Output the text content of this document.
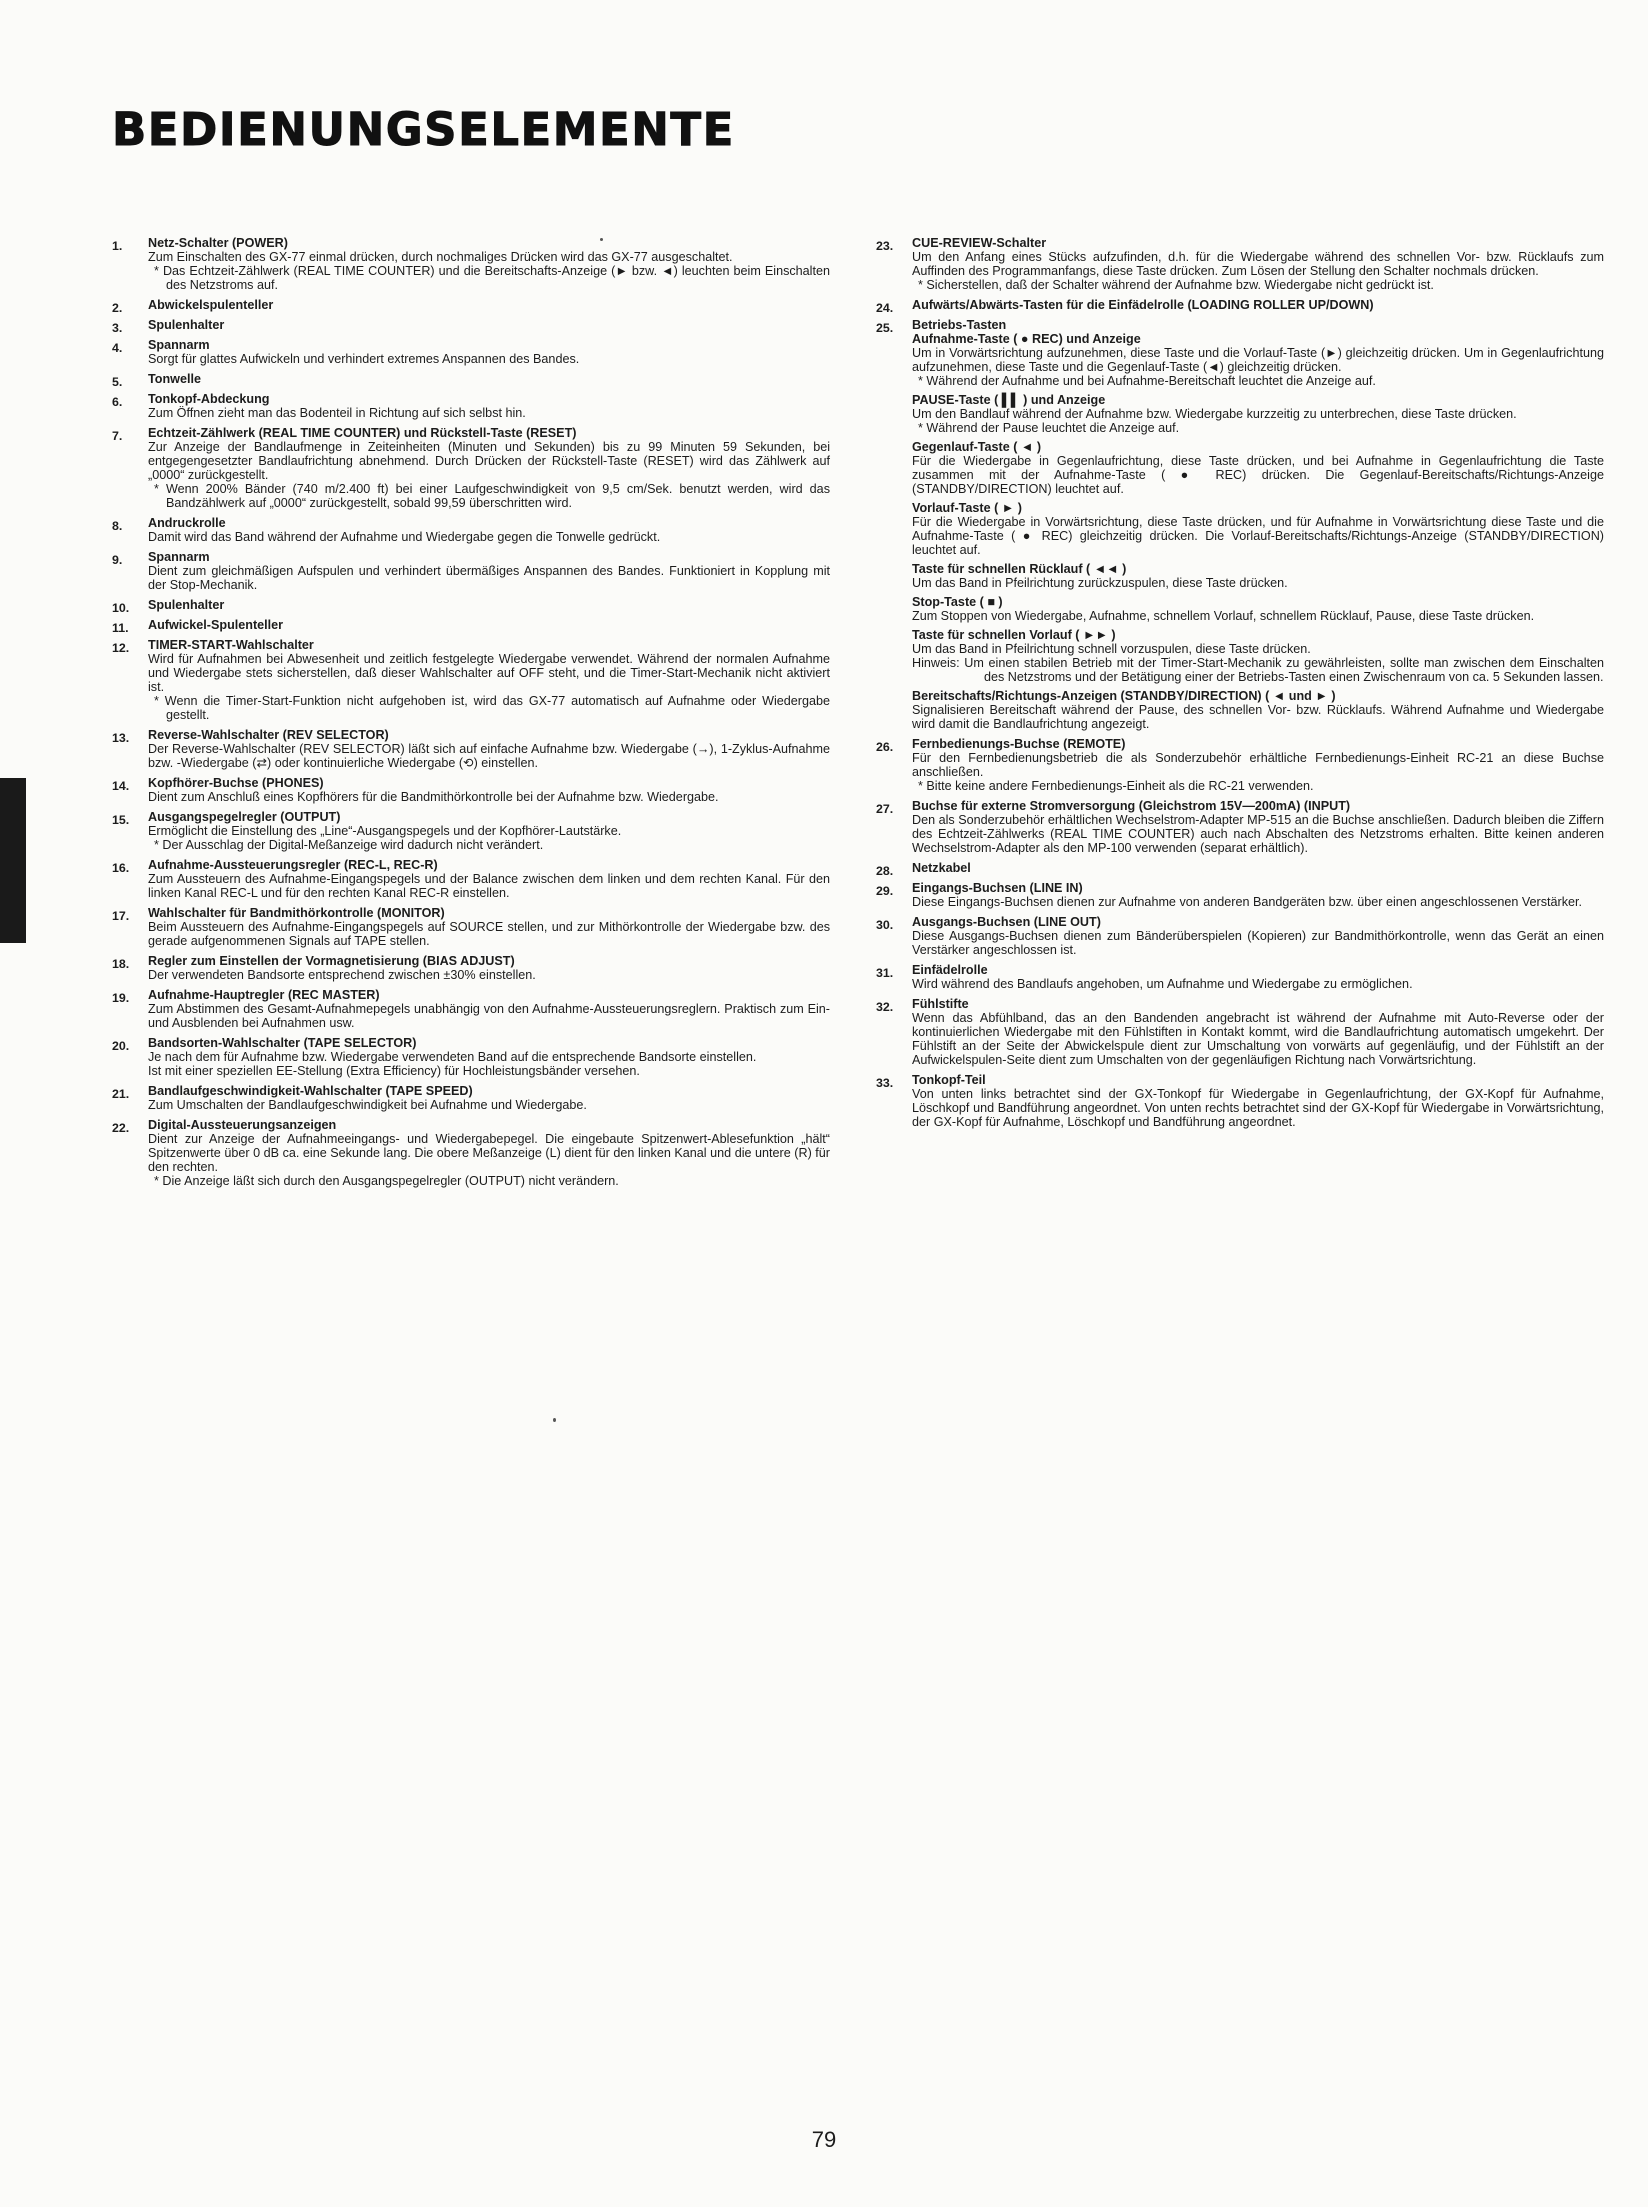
BEDIENUNGSELEMENTE
1. Netz-Schalter (POWER)
Zum Einschalten des GX-77 einmal drücken, durch nochmaliges Drücken wird das GX-77 ausgeschaltet.
* Das Echtzeit-Zählwerk (REAL TIME COUNTER) und die Bereitschafts-Anzeige (► bzw. ◄) leuchten beim Einschalten des Netzstroms auf.
2. Abwickelspulenteller
3. Spulenhalter
4. Spannarm
Sorgt für glattes Aufwickeln und verhindert extremes Anspannen des Bandes.
5. Tonwelle
6. Tonkopf-Abdeckung
Zum Öffnen zieht man das Bodenteil in Richtung auf sich selbst hin.
7. Echtzeit-Zählwerk (REAL TIME COUNTER) und Rückstell-Taste (RESET)
Zur Anzeige der Bandlaufmenge in Zeiteinheiten (Minuten und Sekunden) bis zu 99 Minuten 59 Sekunden, bei entgegengesetzter Bandlaufrichtung abnehmend. Durch Drücken der Rückstell-Taste (RESET) wird das Zählwerk auf „0000“ zurückgestellt.
* Wenn 200% Bänder (740 m/2.400 ft) bei einer Laufgeschwindigkeit von 9,5 cm/Sek. benutzt werden, wird das Bandzählwerk auf „0000“ zurückgestellt, sobald 99,59 überschritten wird.
8. Andruckrolle
Damit wird das Band während der Aufnahme und Wiedergabe gegen die Tonwelle gedrückt.
9. Spannarm
Dient zum gleichmäßigen Aufspulen und verhindert übermäßiges Anspannen des Bandes. Funktioniert in Kopplung mit der Stop-Mechanik.
10. Spulenhalter
11. Aufwickel-Spulenteller
12. TIMER-START-Wahlschalter
Wird für Aufnahmen bei Abwesenheit und zeitlich festgelegte Wiedergabe verwendet. Während der normalen Aufnahme und Wiedergabe stets sicherstellen, daß dieser Wahlschalter auf OFF steht, und die Timer-Start-Mechanik nicht aktiviert ist.
* Wenn die Timer-Start-Funktion nicht aufgehoben ist, wird das GX-77 automatisch auf Aufnahme oder Wiedergabe gestellt.
13. Reverse-Wahlschalter (REV SELECTOR)
Der Reverse-Wahlschalter (REV SELECTOR) läßt sich auf einfache Aufnahme bzw. Wiedergabe (→), 1-Zyklus-Aufnahme bzw. -Wiedergabe (⇄) oder kontinuierliche Wiedergabe (⟲) einstellen.
14. Kopfhörer-Buchse (PHONES)
Dient zum Anschluß eines Kopfhörers für die Bandmithörkontrolle bei der Aufnahme bzw. Wiedergabe.
15. Ausgangspegelregler (OUTPUT)
Ermöglicht die Einstellung des „Line“-Ausgangspegels und der Kopfhörer-Lautstärke.
* Der Ausschlag der Digital-Meßanzeige wird dadurch nicht verändert.
16. Aufnahme-Aussteuerungsregler (REC-L, REC-R)
Zum Aussteuern des Aufnahme-Eingangspegels und der Balance zwischen dem linken und dem rechten Kanal. Für den linken Kanal REC-L und für den rechten Kanal REC-R einstellen.
17. Wahlschalter für Bandmithörkontrolle (MONITOR)
Beim Aussteuern des Aufnahme-Eingangspegels auf SOURCE stellen, und zur Mithörkontrolle der Wiedergabe bzw. des gerade aufgenommenen Signals auf TAPE stellen.
18. Regler zum Einstellen der Vormagnetisierung (BIAS ADJUST)
Der verwendeten Bandsorte entsprechend zwischen ±30% einstellen.
19. Aufnahme-Hauptregler (REC MASTER)
Zum Abstimmen des Gesamt-Aufnahmepegels unabhängig von den Aufnahme-Aussteuerungsreglern. Praktisch zum Ein- und Ausblenden bei Aufnahmen usw.
20. Bandsorten-Wahlschalter (TAPE SELECTOR)
Je nach dem für Aufnahme bzw. Wiedergabe verwendeten Band auf die entsprechende Bandsorte einstellen.
Ist mit einer speziellen EE-Stellung (Extra Efficiency) für Hochleistungsbänder versehen.
21. Bandlaufgeschwindigkeit-Wahlschalter (TAPE SPEED)
Zum Umschalten der Bandlaufgeschwindigkeit bei Aufnahme und Wiedergabe.
22. Digital-Aussteuerungsanzeigen
Dient zur Anzeige der Aufnahmeeingangs- und Wiedergabepegel. Die eingebaute Spitzenwert-Ablesefunktion „hält“ Spitzenwerte über 0 dB ca. eine Sekunde lang. Die obere Meßanzeige (L) dient für den linken Kanal und die untere (R) für den rechten.
* Die Anzeige läßt sich durch den Ausgangspegelregler (OUTPUT) nicht verändern.
23. CUE-REVIEW-Schalter
Um den Anfang eines Stücks aufzufinden, d.h. für die Wiedergabe während des schnellen Vor- bzw. Rücklaufs zum Auffinden des Programmanfangs, diese Taste drücken. Zum Lösen der Stellung den Schalter nochmals drücken.
* Sicherstellen, daß der Schalter während der Aufnahme bzw. Wiedergabe nicht gedrückt ist.
24. Aufwärts/Abwärts-Tasten für die Einfädelrolle (LOADING ROLLER UP/DOWN)
25. Betriebs-Tasten
Aufnahme-Taste ( ● REC) und Anzeige
Um in Vorwärtsrichtung aufzunehmen, diese Taste und die Vorlauf-Taste (►) gleichzeitig drücken. Um in Gegenlaufrichtung aufzunehmen, diese Taste und die Gegenlauf-Taste (◄) gleichzeitig drücken.
* Während der Aufnahme und bei Aufnahme-Bereitschaft leuchtet die Anzeige auf.
PAUSE-Taste ( ▌▌ ) und Anzeige
Um den Bandlauf während der Aufnahme bzw. Wiedergabe kurzzeitig zu unterbrechen, diese Taste drücken.
* Während der Pause leuchtet die Anzeige auf.
Gegenlauf-Taste ( ◄ )
Für die Wiedergabe in Gegenlaufrichtung, diese Taste drücken, und bei Aufnahme in Gegenlaufrichtung die Taste zusammen mit der Aufnahme-Taste ( ● REC) drücken. Die Gegenlauf-Bereitschafts/Richtungs-Anzeige (STANDBY/DIRECTION) leuchtet auf.
Vorlauf-Taste ( ► )
Für die Wiedergabe in Vorwärtsrichtung, diese Taste drücken, und für Aufnahme in Vorwärtsrichtung diese Taste und die Aufnahme-Taste ( ● REC) gleichzeitig drücken. Die Vorlauf-Bereitschafts/Richtungs-Anzeige (STANDBY/DIRECTION) leuchtet auf.
Taste für schnellen Rücklauf ( ◄◄ )
Um das Band in Pfeilrichtung zurückzuspulen, diese Taste drücken.
Stop-Taste ( ■ )
Zum Stoppen von Wiedergabe, Aufnahme, schnellem Vorlauf, schnellem Rücklauf, Pause, diese Taste drücken.
Taste für schnellen Vorlauf ( ►► )
Um das Band in Pfeilrichtung schnell vorzuspulen, diese Taste drücken.
Hinweis: Um einen stabilen Betrieb mit der Timer-Start-Mechanik zu gewährleisten, sollte man zwischen dem Einschalten des Netzstroms und der Betätigung einer der Betriebs-Tasten einen Zwischenraum von ca. 5 Sekunden lassen.
Bereitschafts/Richtungs-Anzeigen (STANDBY/DIRECTION) ( ◄ und ► )
Signalisieren Bereitschaft während der Pause, des schnellen Vor- bzw. Rücklaufs. Während Aufnahme und Wiedergabe wird damit die Bandlaufrichtung angezeigt.
26. Fernbedienungs-Buchse (REMOTE)
Für den Fernbedienungsbetrieb die als Sonderzubehör erhältliche Fernbedienungs-Einheit RC-21 an diese Buchse anschließen.
* Bitte keine andere Fernbedienungs-Einheit als die RC-21 verwenden.
27. Buchse für externe Stromversorgung (Gleichstrom 15V—200mA) (INPUT)
Den als Sonderzubehör erhältlichen Wechselstrom-Adapter MP-515 an die Buchse anschließen. Dadurch bleiben die Ziffern des Echtzeit-Zählwerks (REAL TIME COUNTER) auch nach Abschalten des Netzstroms erhalten. Bitte keinen anderen Wechselstrom-Adapter als den MP-100 verwenden (separat erhältlich).
28. Netzkabel
29. Eingangs-Buchsen (LINE IN)
Diese Eingangs-Buchsen dienen zur Aufnahme von anderen Bandgeräten bzw. über einen angeschlossenen Verstärker.
30. Ausgangs-Buchsen (LINE OUT)
Diese Ausgangs-Buchsen dienen zum Bänderüberspielen (Kopieren) zur Bandmithörkontrolle, wenn das Gerät an einen Verstärker angeschlossen ist.
31. Einfädelrolle
Wird während des Bandlaufs angehoben, um Aufnahme und Wiedergabe zu ermöglichen.
32. Fühlstifte
Wenn das Abfühlband, das an den Bandenden angebracht ist während der Aufnahme mit Auto-Reverse oder der kontinuierlichen Wiedergabe mit den Fühlstiften in Kontakt kommt, wird die Bandlaufrichtung automatisch umgekehrt. Der Fühlstift an der Seite der Abwickelspule dient zur Umschaltung von vorwärts auf gegenläufig, und der Fühlstift an der Aufwickelspulen-Seite dient zum Umschalten von der gegenläufigen Richtung nach Vorwärtsrichtung.
33. Tonkopf-Teil
Von unten links betrachtet sind der GX-Tonkopf für Wiedergabe in Gegenlaufrichtung, der GX-Kopf für Aufnahme, Löschkopf und Bandführung angeordnet. Von unten rechts betrachtet sind der GX-Kopf für Wiedergabe in Vorwärtsrichtung, der GX-Kopf für Aufnahme, Löschkopf und Bandführung angeordnet.
79
